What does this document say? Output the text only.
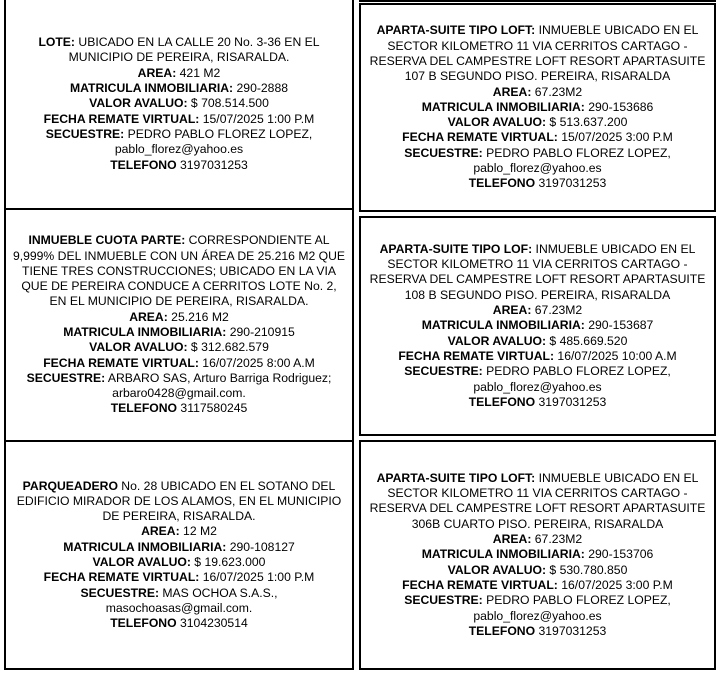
LOTE: UBICADO EN LA CALLE 20 No. 3-36 EN EL MUNICIPIO DE PEREIRA, RISARALDA.

AREA: 421 M2

MATRICULA INMOBILIARIA: 290-2888

VALOR AVALUO: $ 708.514.500

FECHA REMATE VIRTUAL: 15/07/2025 1:00 P.M

SECUESTRE: PEDRO PABLO FLOREZ LOPEZ, pablo_florez@yahoo.es

TELEFONO 3197031253

INMUEBLE CUOTA PARTE: CORRESPONDIENTE AL 9,999% DEL INMUEBLE CON UN ÁREA DE 25.216 M2 QUE TIENE TRES CONSTRUCCIONES; UBICADO EN LA VIA QUE DE PEREIRA CONDUCE A CERRITOS LOTE No. 2, EN EL MUNICIPIO DE PEREIRA, RISARALDA.

AREA: 25.216 M2

MATRICULA INMOBILIARIA: 290-210915

VALOR AVALUO: $ 312.682.579

FECHA REMATE VIRTUAL: 16/07/2025 8:00 A.M

SECUESTRE: ARBARO SAS, Arturo Barriga Rodriguez; arbaro0428@gmail.com.

TELEFONO 3117580245

PARQUEADERO No. 28 UBICADO EN EL SOTANO DEL EDIFICIO MIRADOR DE LOS ALAMOS, EN EL MUNICIPIO DE PEREIRA, RISARALDA.

AREA: 12 M2

MATRICULA INMOBILIARIA: 290-108127

VALOR AVALUO: $ 19.623.000

FECHA REMATE VIRTUAL: 16/07/2025 1:00 P.M

SECUESTRE: MAS OCHOA S.A.S., masochoasas@gmail.com.

TELEFONO 3104230514

APARTA-SUITE TIPO LOFT: INMUEBLE UBICADO EN EL SECTOR KILOMETRO 11 VIA CERRITOS CARTAGO - RESERVA DEL CAMPESTRE LOFT RESORT APARTASUITE 107 B SEGUNDO PISO. PEREIRA, RISARALDA

AREA: 67.23M2

MATRICULA INMOBILIARIA: 290-153686

VALOR AVALUO: $ 513.637.200

FECHA REMATE VIRTUAL: 15/07/2025 3:00 P.M

SECUESTRE: PEDRO PABLO FLOREZ LOPEZ, pablo_florez@yahoo.es

TELEFONO 3197031253

APARTA-SUITE TIPO LOF: INMUEBLE UBICADO EN EL SECTOR KILOMETRO 11 VIA CERRITOS CARTAGO - RESERVA DEL CAMPESTRE LOFT RESORT APARTASUITE 108 B SEGUNDO PISO. PEREIRA, RISARALDA

AREA: 67.23M2

MATRICULA INMOBILIARIA: 290-153687

VALOR AVALUO: $ 485.669.520

FECHA REMATE VIRTUAL: 16/07/2025 10:00 A.M

SECUESTRE: PEDRO PABLO FLOREZ LOPEZ, pablo_florez@yahoo.es

TELEFONO 3197031253

APARTA-SUITE TIPO LOFT: INMUEBLE UBICADO EN EL SECTOR KILOMETRO 11 VIA CERRITOS CARTAGO - RESERVA DEL CAMPESTRE LOFT RESORT APARTASUITE 306B CUARTO PISO. PEREIRA, RISARALDA

AREA: 67.23M2

MATRICULA INMOBILIARIA: 290-153706

VALOR AVALUO: $ 530.780.850

FECHA REMATE VIRTUAL: 16/07/2025 3:00 P.M

SECUESTRE: PEDRO PABLO FLOREZ LOPEZ, pablo_florez@yahoo.es

TELEFONO 3197031253
